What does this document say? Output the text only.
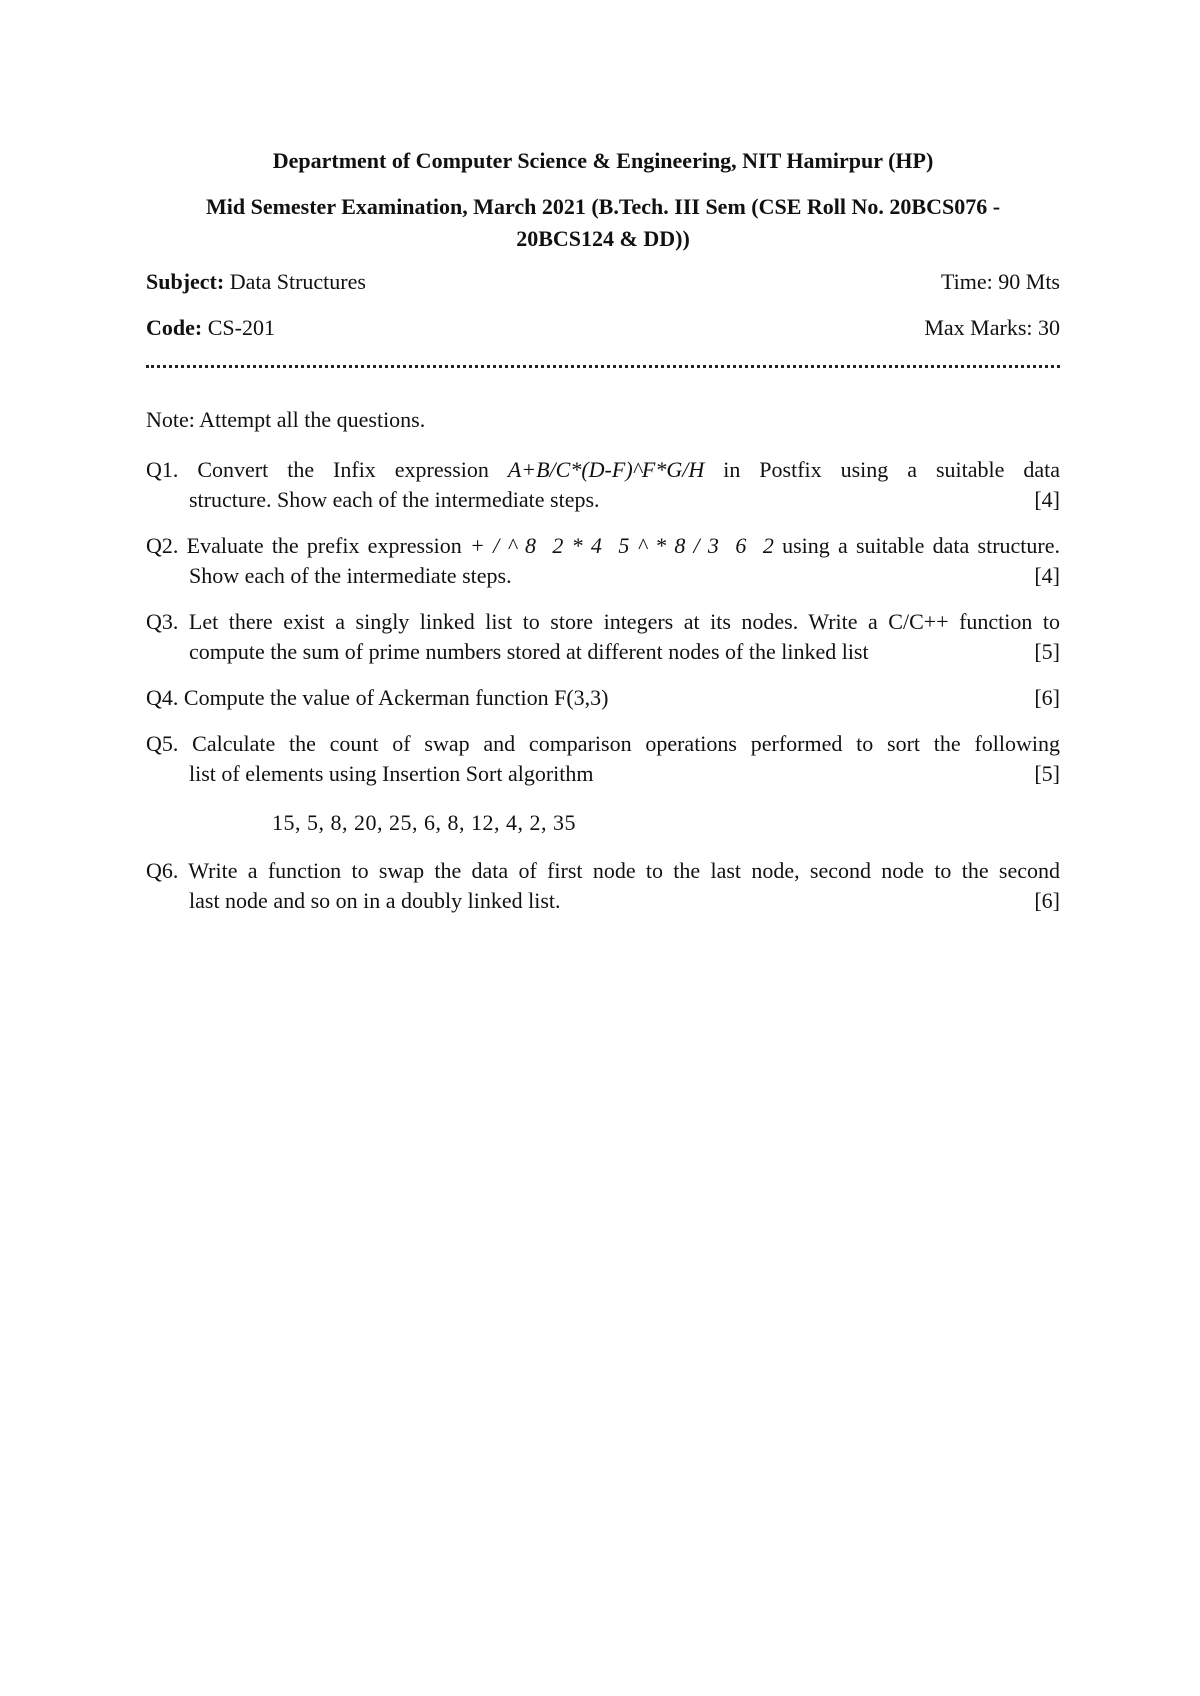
Department of Computer Science & Engineering, NIT Hamirpur (HP)
Mid Semester Examination, March 2021 (B.Tech. III Sem (CSE Roll No. 20BCS076 -
20BCS124 & DD))
Subject: Data Structures	Time: 90 Mts
Code: CS-201	Max Marks: 30
Note: Attempt all the questions.
Q1. Convert the Infix expression A+B/C*(D-F)^F*G/H in Postfix using a suitable data
structure. Show each of the intermediate steps.	[4]
Q2. Evaluate the prefix expression + / ^ 8  2 * 4  5 ^ * 8 / 3  6  2 using a suitable data structure.
Show each of the intermediate steps.	[4]
Q3. Let there exist a singly linked list to store integers at its nodes. Write a C/C++ function to
compute the sum of prime numbers stored at different nodes of the linked list	[5]
Q4. Compute the value of Ackerman function F(3,3)	[6]
Q5. Calculate the count of swap and comparison operations performed to sort the following
list of elements using Insertion Sort algorithm	[5]
15, 5, 8, 20, 25, 6, 8, 12, 4, 2, 35
Q6. Write a function to swap the data of first node to the last node, second node to the second
last node and so on in a doubly linked list.	[6]
